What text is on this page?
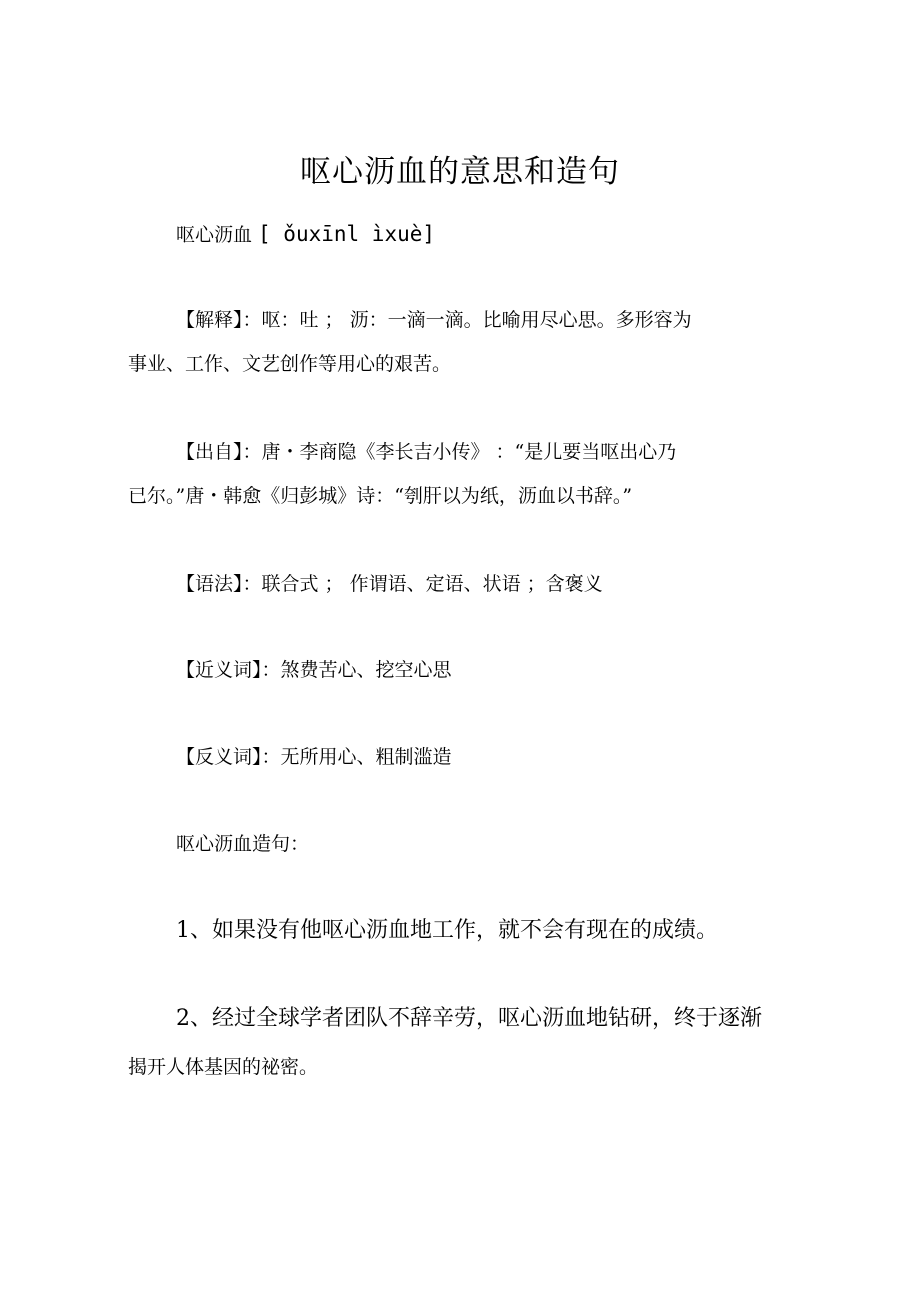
呕心沥血的意思和造句
呕心沥血 [ ǒuxīnl ìxuè]
【解释】：呕：吐 ； 沥：一滴一滴。比喻用尽心思。多形容为
事业、工作、文艺创作等用心的艰苦。
【出自】：唐・李商隐《李长吉小传》 ：“是儿要当呕出心乃
已尔。”唐・韩愈《归彭城》诗：“刳肝以为纸，沥血以书辞。”
【语法】：联合式 ； 作谓语、定语、状语 ；含褒义
【近义词】：煞费苦心、挖空心思
【反义词】：无所用心、粗制滥造
呕心沥血造句：
1、如果没有他呕心沥血地工作，就不会有现在的成绩。
2、经过全球学者团队不辞辛劳，呕心沥血地钻研，终于逐渐
揭开人体基因的祕密。
